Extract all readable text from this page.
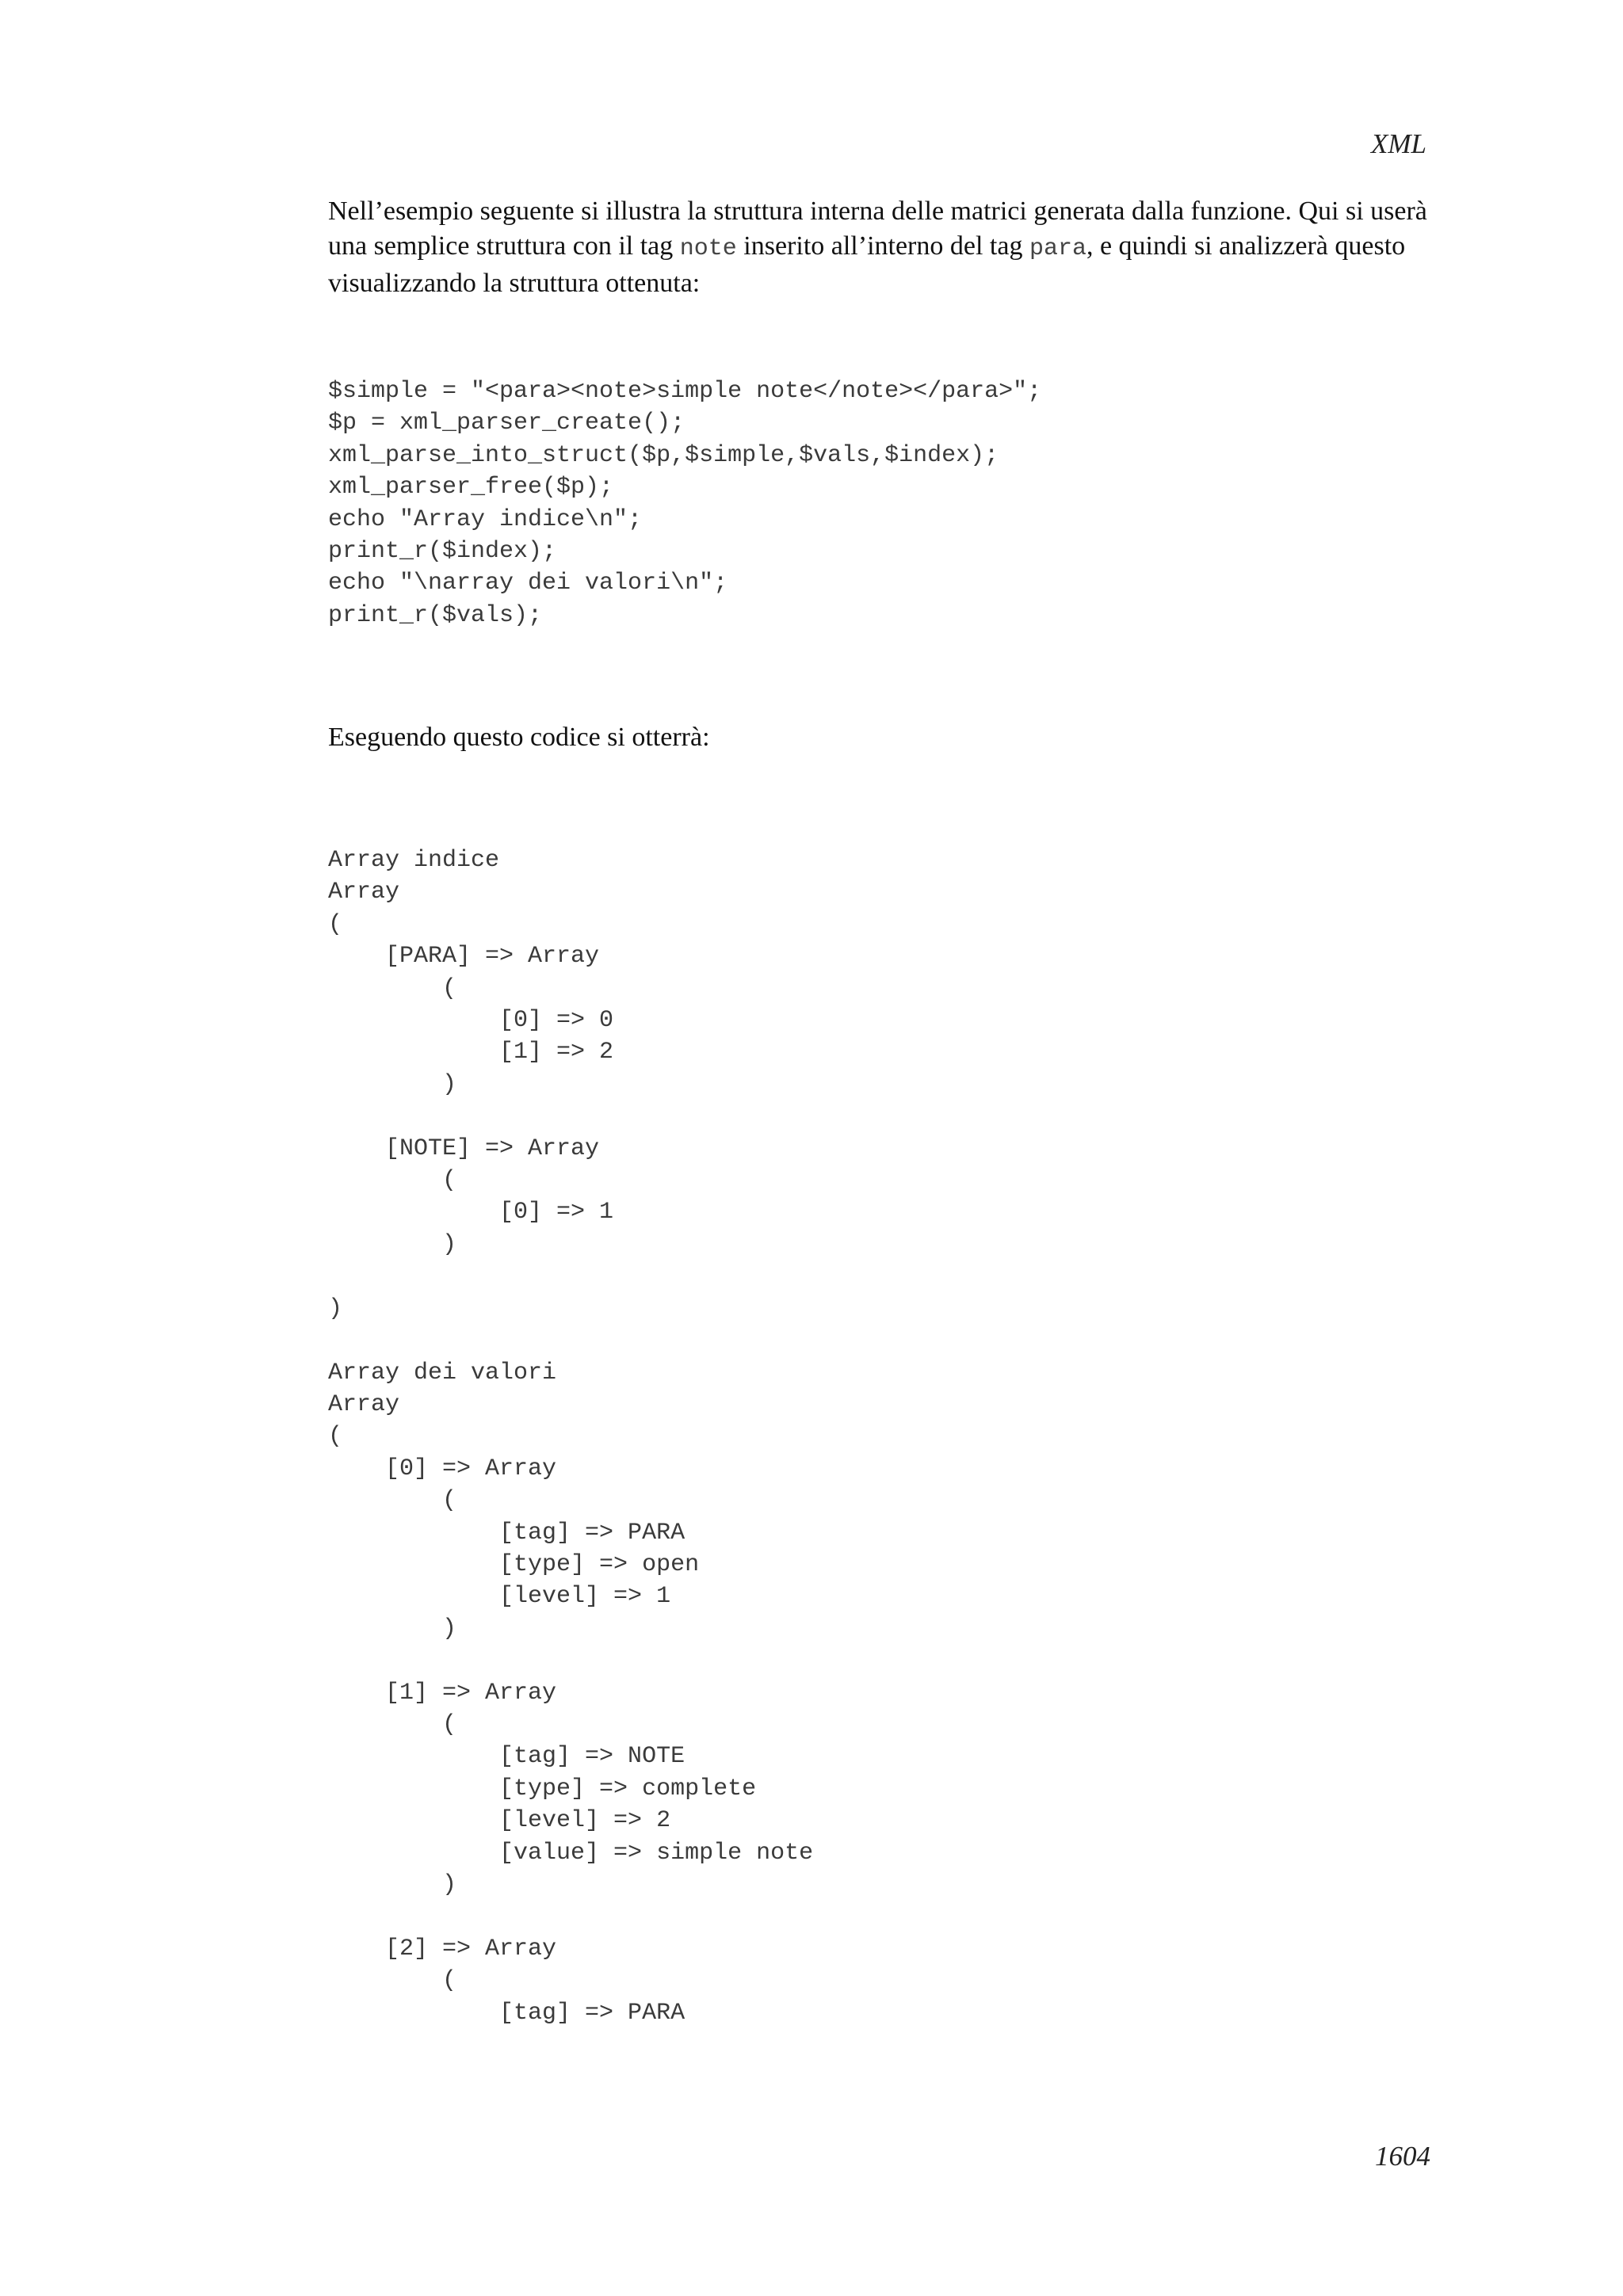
XML

Nell’esempio seguente si illustra la struttura interna delle matrici generata dalla funzione. Qui si userà una semplice struttura con il tag note inserito all’interno del tag para, e quindi si analizzerà questo visualizzando la struttura ottenuta:

$simple = "<para><note>simple note</note></para>";
$p = xml_parser_create();
xml_parse_into_struct($p,$simple,$vals,$index);
xml_parser_free($p);
echo "Array indice\n";
print_r($index);
echo "\narray dei valori\n";
print_r($vals);

Eseguendo questo codice si otterrà:

Array indice
Array
(
[PARA] => Array
(
[0] => 0
[1] => 2
)

[NOTE] => Array
(
[0] => 1
)

)

Array dei valori
Array
(
[0] => Array
(
[tag] => PARA
[type] => open
[level] => 1
)

[1] => Array
(
[tag] => NOTE
[type] => complete
[level] => 2
[value] => simple note
)

[2] => Array
(
[tag] => PARA
1604
